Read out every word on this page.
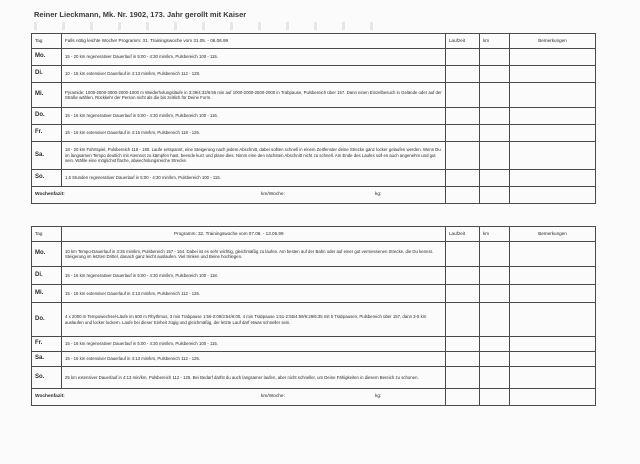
Reiner Lieckmann, Mk. Nr. 1902, 173. Jahr gerollt mit Kaiser
Tag	Falls nötig leichte Woche! Programm: 31. Trainingswoche vom 31.05. - 06.06.99	Laufzeit	km	Bemerkungen
Mo.	15 - 20 km regenerativer Dauerlauf in 5:00 - 4:30 min/km, Pulsbereich 100 - 115.			
Di.	10 - 15 km extensiver Dauerlauf in 4:13 min/km, Pulsbereich 112 - 128.			
Mi.	Pyramide: 1000-2000-3000-2000-1000 m Wiederholungsläufe in 3:39/4:32/6:55 min auf 1000-2000-2500-2000 in Trabpause, Pulsbereich über 157. Dann einen Einzelbesuch in Gelände oder auf der Straße wählen. Rückkehr der Person nicht als die bis zeitlich für Deine Form.			
Do.	15 - 16 km regenerativer Dauerlauf in 5:00 - 4:30 min/km, Pulsbereich 100 - 116.			
Fr.	15 - 16 km extensiver Dauerlauf in 4:15 min/km, Pulsbereich 118 - 126.			
Sa.	18 - 20 km Fahrtspiel, Pulsbereich 118 - 180. Laufe entspannt, eine Steigerung nach jedem Abschnitt, dabei sollten schnell in einem Zeitfenster deine Strecke ganz locker gelaufen werden. Wenn Du im langsamen Tempo deutlich mit Atemnot zu kämpfen hast, beende kurz und plane dies. Nimm eine den nächsten Abschnitt nicht zu schnell. Am Ende des Laufes soll es auch angenehm und gut sein. Wähle eine möglichst flache, abwechslungsreiche Strecke.			
So.	1,5 Stunden regenerativer Dauerlauf in 5:00 - 4:30 min/km, Pulsbereich 100 - 115.			

Wochenfazit: km/Woche: kg:				

Tag	Programm: 32. Trainingswoche vom 07.06. - 13.06.99	Laufzeit	km	Bemerkungen
Mo.	10 km Tempo-Dauerlauf in 3:25 min/km, Pulsbereich 157 - 164. Dabei ist es sehr wichtig, gleichmäßig zu laufen. Am besten auf der Bahn oder auf einer gut vermessenen Strecke, die Du kennst. Steigerung im letzten Drittel, danach ganz leicht auslaufen. Viel trinken und Beine hochlegen.			
Di.	15 - 16 km regenerativer Dauerlauf in 5:00 - 4:30 min/km, Pulsbereich 100 - 118.			
Mi.	15 - 16 km extensiver Dauerlauf in 4:13 min/km, Pulsbereich 112 - 126.			
Do.	4 x 2000 m Tempowechsel-Läufe im 600 m Rhythmus, 3 min Trabpause 1:56-2:09/3:54/6:00, 4 min Trabpause 1:51-2:55/4:59/6:29/6:35 mit 5 Trabpausen, Pulsbereich über 157, dann 3-5 km auslaufen und locker lockern. Laufe bei dieser Einheit zügig und gleichmäßig, der letzte Lauf darf etwas schneller sein.			
Fr.	15 - 16 km regenerativer Dauerlauf in 5:00 - 4:30 min/km, Pulsbereich 100 - 115.			
Sa.	15 - 16 km extensiver Dauerlauf in 4:13 min/km, Pulsbereich 112 - 126.			
So.	25 km extensiver Dauerlauf in 4:13 min/km, Pulsbereich 112 - 125. Bei Bedarf darfst du auch langsamer laufen, aber nicht schneller, um Deine Fähigkeiten in diesem Bereich zu schonen.			

Wochenfazit: km/Woche: kg:				
